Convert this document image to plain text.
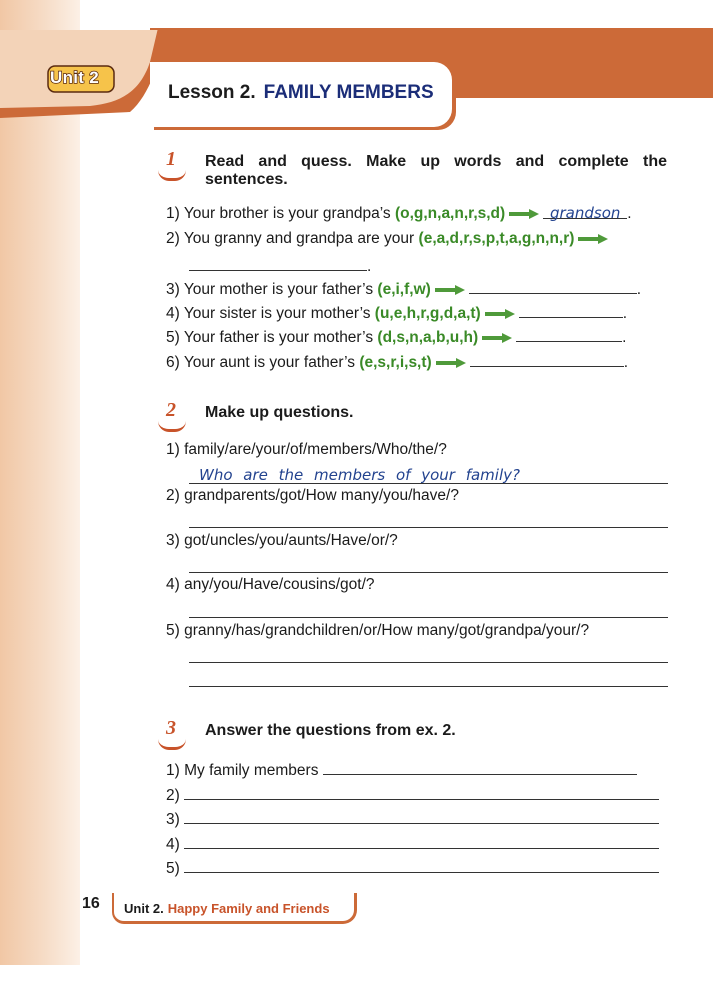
Unit 2
Lesson 2. FAMILY MEMBERS
1 Read and quess. Make up words and complete the
sentences.
1) Your brother is your grandpa’s (o,g,n,a,n,r,s,d)	grandson .
2) You granny and grandpa are your (e,a,d,r,s,p,t,a,g,n,n,r)
.
3) Your mother is your father’s (e,i,f,w)	.
4) Your sister is your mother’s (u,e,h,r,g,d,a,t)	.
5) Your father is your mother’s (d,s,n,a,b,u,h)	.
6) Your aunt is your father’s (e,s,r,i,s,t)	.
2 Make up questions.
1) family/are/your/of/members/Who/the/?
Who are the members of your family?
2) grandparents/got/How many/you/have/?
3) got/uncles/you/aunts/Have/or/?
4) any/you/Have/cousins/got/?
5) granny/has/grandchildren/or/How many/got/grandpa/your/?
3 Answer the questions from ex. 2.
1) My family members
2)
3)
4)
5)
16 Unit 2. Happy Family and Friends
